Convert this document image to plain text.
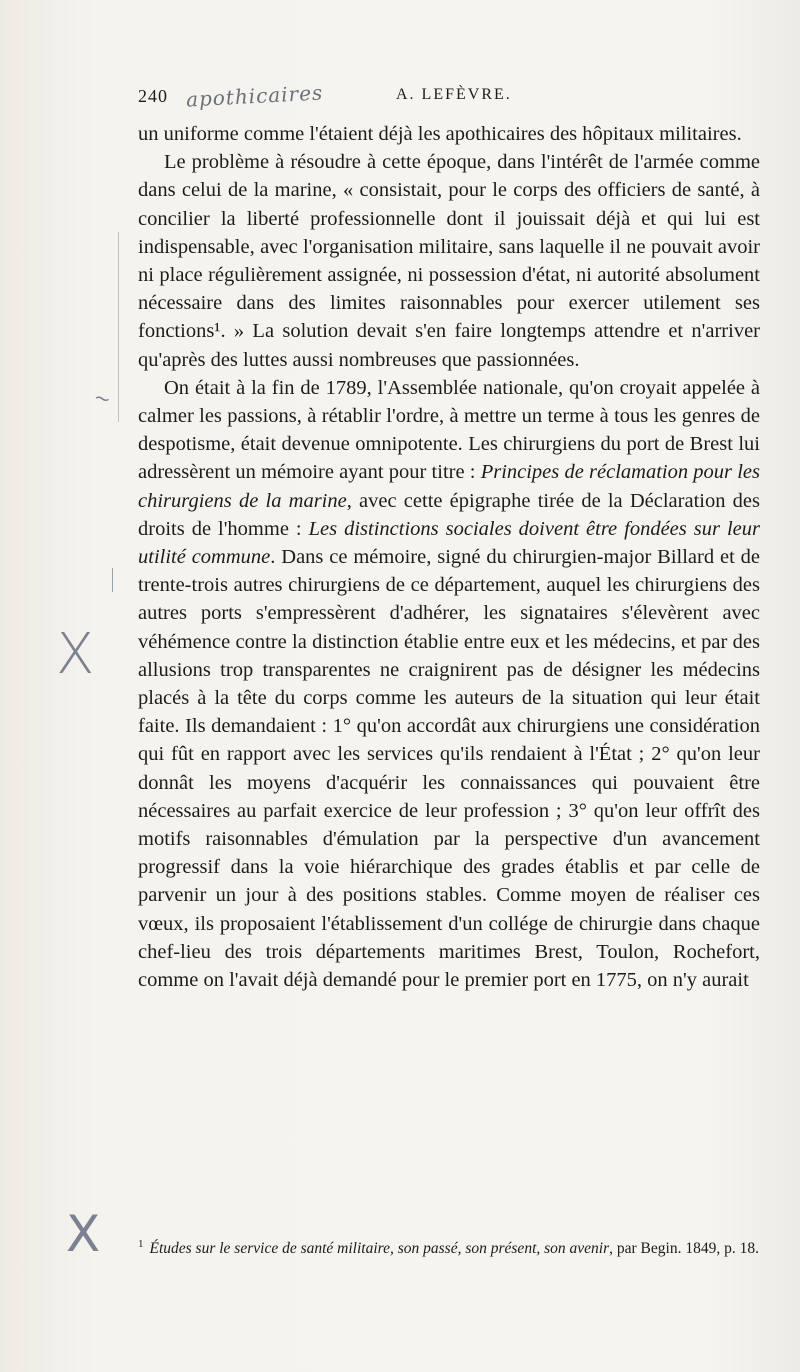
240 apothicaires	A. LEFÈVRE.
~
X
X

un uniforme comme l'étaient déjà les apothicaires des hôpitaux militaires.

Le problème à résoudre à cette époque, dans l'intérêt de l'armée comme dans celui de la marine, « consistait, pour le corps des officiers de santé, à concilier la liberté professionnelle dont il jouissait déjà et qui lui est indispensable, avec l'organisation militaire, sans laquelle il ne pouvait avoir ni place régulièrement assignée, ni possession d'état, ni autorité absolument nécessaire dans des limites raisonnables pour exercer utilement ses fonctions¹. » La solution devait s'en faire longtemps attendre et n'arriver qu'après des luttes aussi nombreuses que passionnées.

On était à la fin de 1789, l'Assemblée nationale, qu'on croyait appelée à calmer les passions, à rétablir l'ordre, à mettre un terme à tous les genres de despotisme, était devenue omnipotente. Les chirurgiens du port de Brest lui adressèrent un mémoire ayant pour titre : Principes de réclamation pour les chirurgiens de la marine, avec cette épigraphe tirée de la Déclaration des droits de l'homme : Les distinctions sociales doivent être fondées sur leur utilité commune. Dans ce mémoire, signé du chirurgien-major Billard et de trente-trois autres chirurgiens de ce département, auquel les chirurgiens des autres ports s'empressèrent d'adhérer, les signataires s'élevèrent avec véhémence contre la distinction établie entre eux et les médecins, et par des allusions trop transparentes ne craignirent pas de désigner les médecins placés à la tête du corps comme les auteurs de la situation qui leur était faite. Ils demandaient : 1° qu'on accordât aux chirurgiens une considération qui fût en rapport avec les services qu'ils rendaient à l'État ; 2° qu'on leur donnât les moyens d'acquérir les connaissances qui pouvaient être nécessaires au parfait exercice de leur profession ; 3° qu'on leur offrît des motifs raisonnables d'émulation par la perspective d'un avancement progressif dans la voie hiérarchique des grades établis et par celle de parvenir un jour à des positions stables. Comme moyen de réaliser ces vœux, ils proposaient l'établissement d'un collége de chirurgie dans chaque chef-lieu des trois départements maritimes Brest, Toulon, Rochefort, comme on l'avait déjà demandé pour le premier port en 1775, on n'y aurait

$^1$ Études sur le service de santé militaire, son passé, son présent, son avenir, par Begin. 1849, p. 18.
